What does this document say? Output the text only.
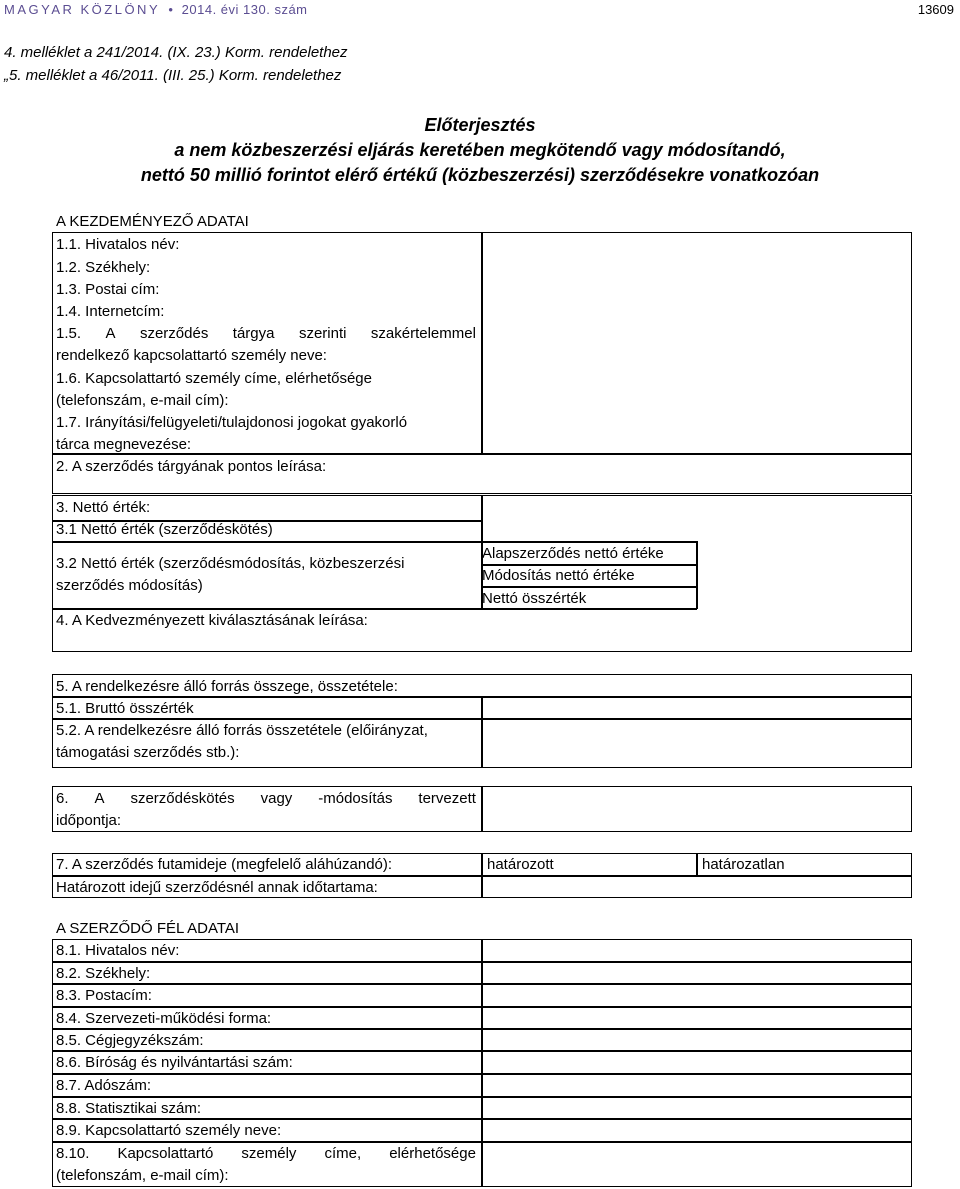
MAGYAR KÖZLÖNY • 2014. évi 130. szám	13609
4. melléklet a 241/2014. (IX. 23.) Korm. rendelethez
„5. melléklet a 46/2011. (III. 25.) Korm. rendelethez
Előterjesztés
a nem közbeszerzési eljárás keretében megkötendő vagy módosítandó,
nettó 50 millió forintot elérő értékű (közbeszerzési) szerződésekre vonatkozóan
A KEZDEMÉNYEZŐ ADATAI
1.1. Hivatalos név:
1.2. Székhely:
1.3. Postai cím:
1.4. Internetcím:
1.5. A szerződés tárgya szerinti szakértelemmel
rendelkező kapcsolattartó személy neve:
1.6. Kapcsolattartó személy címe, elérhetősége
(telefonszám, e-mail cím):
1.7. Irányítási/felügyeleti/tulajdonosi jogokat gyakorló
tárca megnevezése:
2. A szerződés tárgyának pontos leírása:
3. Nettó érték:
3.1 Nettó érték (szerződéskötés)
3.2 Nettó érték (szerződésmódosítás, közbeszerzési
szerződés módosítás)
Alapszerződés nettó értéke
Módosítás nettó értéke
Nettó összérték
4. A Kedvezményezett kiválasztásának leírása:
5. A rendelkezésre álló forrás összege, összetétele:
5.1. Bruttó összérték
5.2. A rendelkezésre álló forrás összetétele (előirányzat,
támogatási szerződés stb.):
6. A szerződéskötés vagy -módosítás tervezett
időpontja:
7. A szerződés futamideje (megfelelő aláhúzandó):	határozott	határozatlan
Határozott idejű szerződésnél annak időtartama:
A SZERZŐDŐ FÉL ADATAI
8.1. Hivatalos név:
8.2. Székhely:
8.3. Postacím:
8.4. Szervezeti-működési forma:
8.5. Cégjegyzékszám:
8.6. Bíróság és nyilvántartási szám:
8.7. Adószám:
8.8. Statisztikai szám:
8.9. Kapcsolattartó személy neve:
8.10. Kapcsolattartó személy címe, elérhetősége
(telefonszám, e-mail cím):
